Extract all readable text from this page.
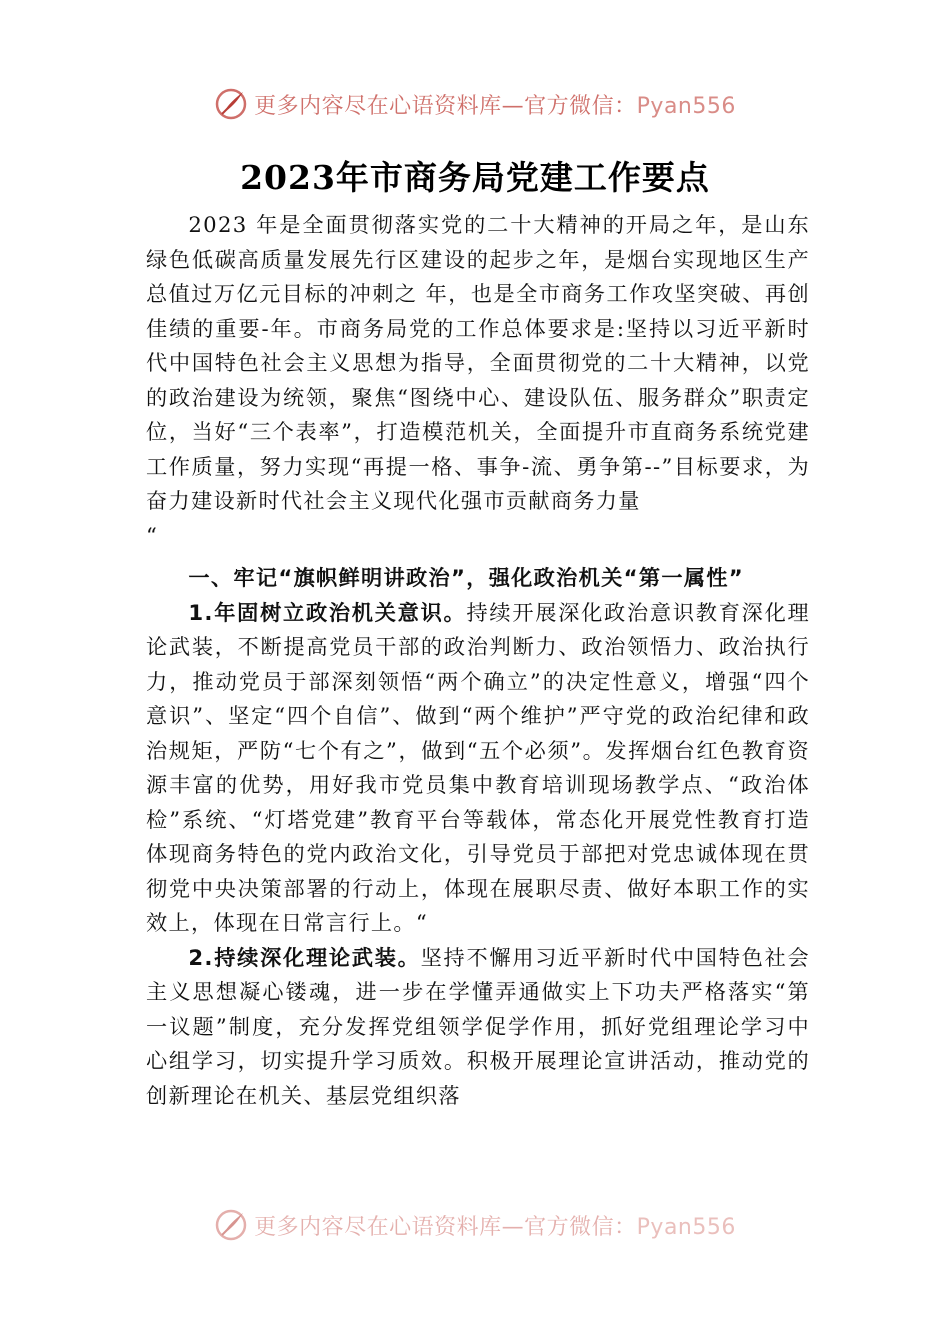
更多内容尽在心语资料库—官方微信：Pyan556
2023年市商务局党建工作要点

2023 年是全面贯彻落实党的二十大精神的开局之年，是山东绿色低碳高质量发展先行区建设的起步之年，是烟台实现地区生产总值过万亿元目标的冲刺之 年，也是全市商务工作攻坚突破、再创佳绩的重要-年。市商务局党的工作总体要求是:坚持以习近平新时代中国特色社会主义思想为指导，全面贯彻党的二十大精神，以党的政治建设为统领，聚焦“图绕中心、建设队伍、服务群众”职责定位，当好“三个表率”，打造模范机关，全面提升市直商务系统党建工作质量，努力实现“再提一格、事争-流、勇争第--”目标要求，为奋力建设新时代社会主义现代化强市贡献商务力量
“

一、牢记“旗帜鲜明讲政治”，强化政治机关“第一属性”

1.年固树立政治机关意识。持续开展深化政治意识教育深化理论武装，不断提高党员干部的政治判断力、政治领悟力、政治执行力，推动党员于部深刻领悟“两个确立”的决定性意义，增强“四个意识”、坚定“四个自信”、做到“两个维护”严守党的政治纪律和政治规矩，严防“七个有之”，做到“五个必须”。发挥烟台红色教育资源丰富的优势，用好我市党员集中教育培训现场教学点、“政治体检”系统、“灯塔党建”教育平台等载体，常态化开展党性教育打造体现商务特色的党内政治文化，引导党员于部把对党忠诚体现在贯彻党中央决策部署的行动上，体现在展职尽责、做好本职工作的实效上，体现在日常言行上。“

2.持续深化理论武装。坚持不懈用习近平新时代中国特色社会主义思想凝心镂魂，进一步在学懂弄通做实上下功夫严格落实“第一议题”制度，充分发挥党组领学促学作用，抓好党组理论学习中心组学习，切实提升学习质效。积极开展理论宣讲活动，推动党的创新理论在机关、基层党组织落

更多内容尽在心语资料库—官方微信：Pyan556
